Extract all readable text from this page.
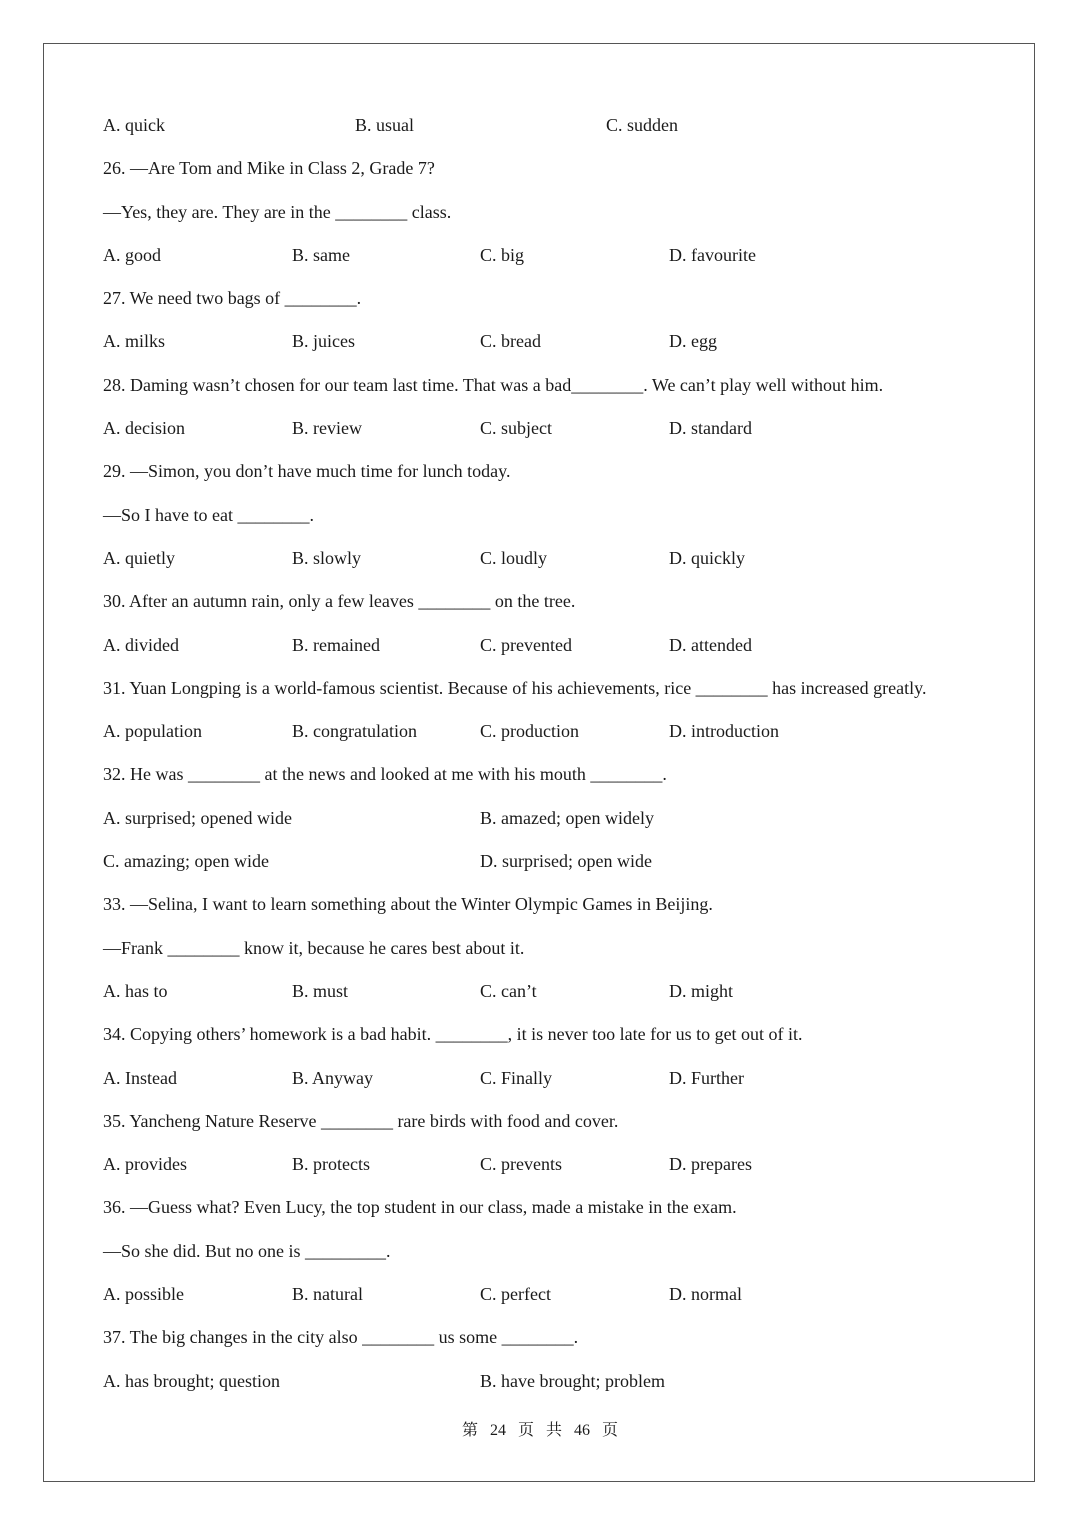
A. quick	B. usual	C. sudden
26. —Are Tom and Mike in Class 2, Grade 7?
—Yes, they are. They are in the ________ class.
A. good	B. same	C. big	D. favourite
27. We need two bags of ________.
A. milks	B. juices	C. bread	D. egg
28. Daming wasn’t chosen for our team last time. That was a bad________. We can’t play well without him.
A. decision	B. review	C. subject	D. standard
29. —Simon, you don’t have much time for lunch today.
—So I have to eat ________.
A. quietly	B. slowly	C. loudly	D. quickly
30. After an autumn rain, only a few leaves ________ on the tree.
A. divided	B. remained	C. prevented	D. attended
31. Yuan Longping is a world-famous scientist. Because of his achievements, rice ________ has increased greatly.
A. population	B. congratulation	C. production	D. introduction
32. He was ________ at the news and looked at me with his mouth ________.
A. surprised; opened wide	B. amazed; open widely
C. amazing; open wide	D. surprised; open wide
33. —Selina, I want to learn something about the Winter Olympic Games in Beijing.
—Frank ________ know it, because he cares best about it.
A. has to	B. must	C. can’t	D. might
34. Copying others’ homework is a bad habit. ________, it is never too late for us to get out of it.
A. Instead	B. Anyway	C. Finally	D. Further
35. Yancheng Nature Reserve ________ rare birds with food and cover.
A. provides	B. protects	C. prevents	D. prepares
36. —Guess what? Even Lucy, the top student in our class, made a mistake in the exam.
—So she did. But no one is _________.
A. possible	B. natural	C. perfect	D. normal
37. The big changes in the city also ________ us some ________.
A. has brought; question	B. have brought; problem
第 24 页 共 46 页
